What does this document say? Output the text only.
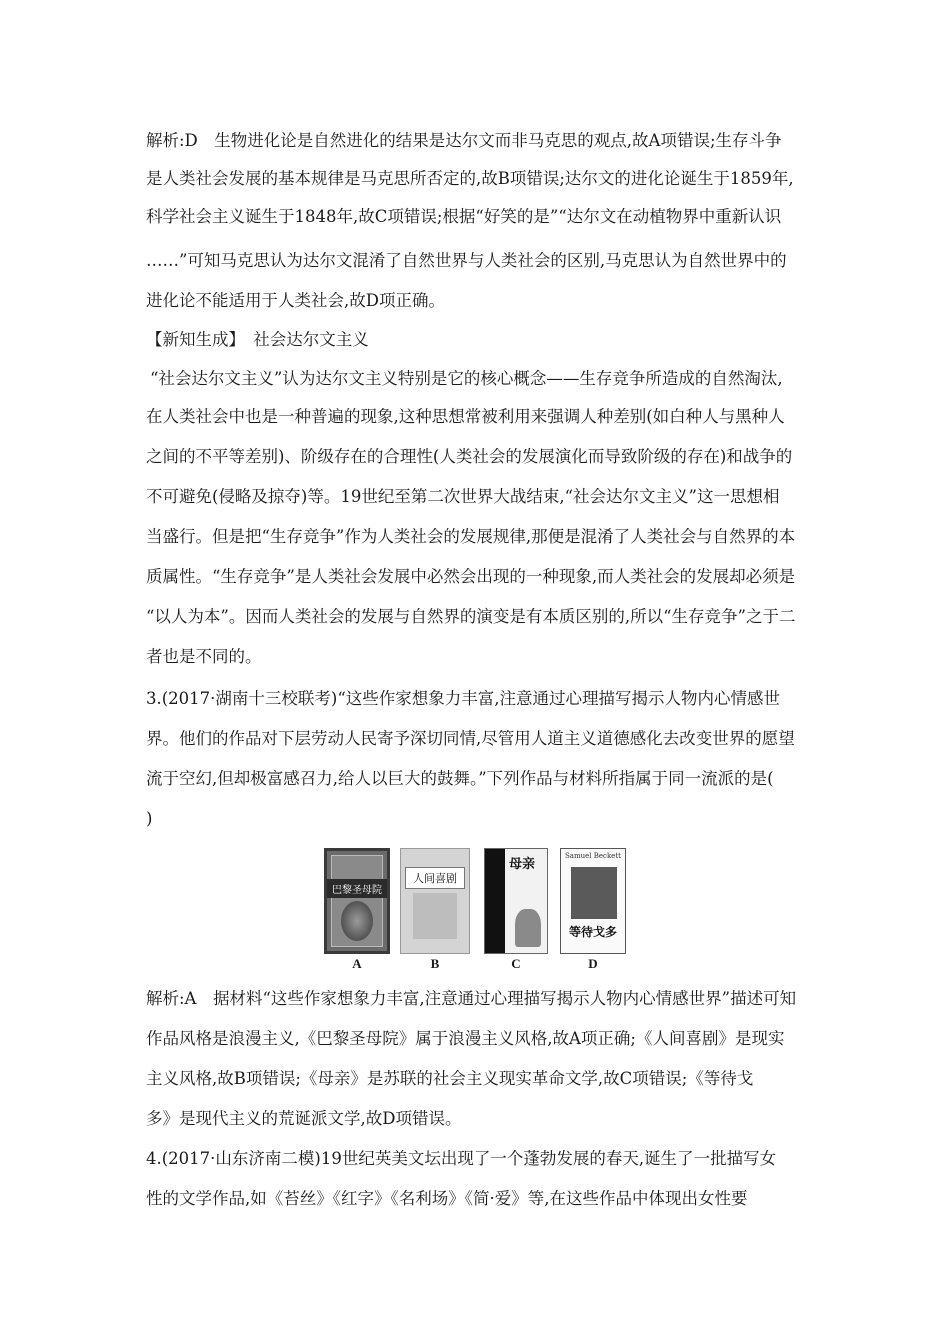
解析:D　生物进化论是自然进化的结果是达尔文而非马克思的观点,故A项错误;生存斗争
是人类社会发展的基本规律是马克思所否定的,故B项错误;达尔文的进化论诞生于1859年,
科学社会主义诞生于1848年,故C项错误;根据“好笑的是”“达尔文在动植物界中重新认识
……”可知马克思认为达尔文混淆了自然世界与人类社会的区别,马克思认为自然世界中的
进化论不能适用于人类社会,故D项正确。
【新知生成】　社会达尔文主义
“社会达尔文主义”认为达尔文主义特别是它的核心概念——生存竞争所造成的自然淘汰,
在人类社会中也是一种普遍的现象,这种思想常被利用来强调人种差别(如白种人与黑种人
之间的不平等差别)、阶级存在的合理性(人类社会的发展演化而导致阶级的存在)和战争的
不可避免(侵略及掠夺)等。19世纪至第二次世界大战结束,“社会达尔文主义”这一思想相
当盛行。但是把“生存竞争”作为人类社会的发展规律,那便是混淆了人类社会与自然界的本
质属性。“生存竞争”是人类社会发展中必然会出现的一种现象,而人类社会的发展却必须是
“以人为本”。因而人类社会的发展与自然界的演变是有本质区别的,所以“生存竞争”之于二
者也是不同的。
3.(2017·湖南十三校联考)“这些作家想象力丰富,注意通过心理描写揭示人物内心情感世
界。他们的作品对下层劳动人民寄予深切同情,尽管用人道主义道德感化去改变世界的愿望
流于空幻,但却极富感召力,给人以巨大的鼓舞。”下列作品与材料所指属于同一流派的是(
)
巴黎圣母院
A
人间喜剧
B
母亲
C
Samuel Beckett
等待戈多
D
解析:A　据材料“这些作家想象力丰富,注意通过心理描写揭示人物内心情感世界”描述可知
作品风格是浪漫主义,《巴黎圣母院》属于浪漫主义风格,故A项正确;《人间喜剧》是现实
主义风格,故B项错误;《母亲》是苏联的社会主义现实革命文学,故C项错误;《等待戈
多》是现代主义的荒诞派文学,故D项错误。
4.(2017·山东济南二模)19世纪英美文坛出现了一个蓬勃发展的春天,诞生了一批描写女
性的文学作品,如《苔丝》《红字》《名利场》《简·爱》等,在这些作品中体现出女性要
